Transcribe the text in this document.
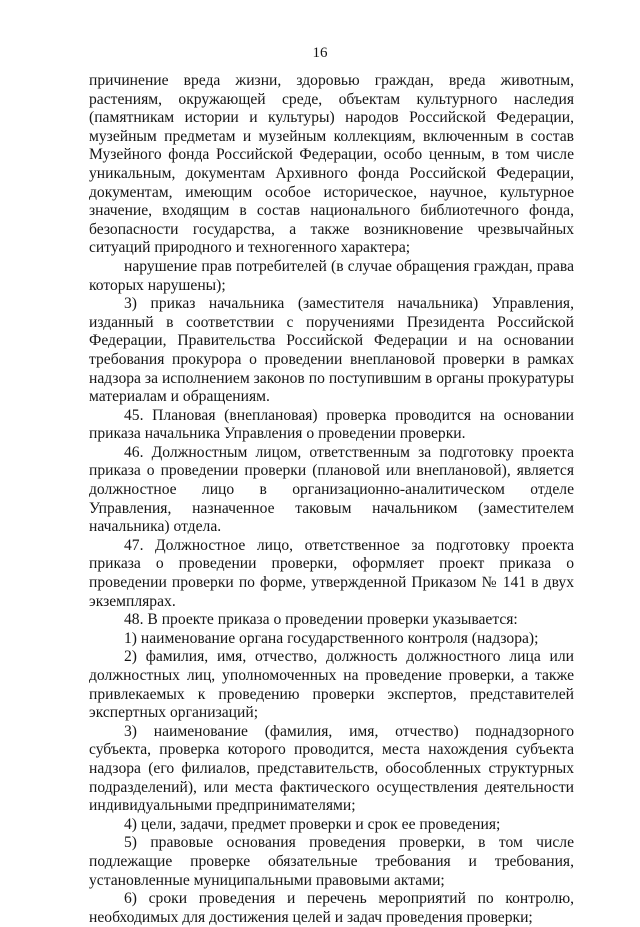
16

причинение вреда жизни, здоровью граждан, вреда животным, растениям, окружающей среде, объектам культурного наследия (памятникам истории и культуры) народов Российской Федерации, музейным предметам и музейным коллекциям, включенным в состав Музейного фонда Российской Федерации, особо ценным, в том числе уникальным, документам Архивного фонда Российской Федерации, документам, имеющим особое историческое, научное, культурное значение, входящим в состав национального библиотечного фонда, безопасности государства, а также возникновение чрезвычайных ситуаций природного и техногенного характера;

нарушение прав потребителей (в случае обращения граждан, права которых нарушены);

3) приказ начальника (заместителя начальника) Управления, изданный в соответствии с поручениями Президента Российской Федерации, Правительства Российской Федерации и на основании требования прокурора о проведении внеплановой проверки в рамках надзора за исполнением законов по поступившим в органы прокуратуры материалам и обращениям.

45. Плановая (внеплановая) проверка проводится на основании приказа начальника Управления о проведении проверки.

46. Должностным лицом, ответственным за подготовку проекта приказа о проведении проверки (плановой или внеплановой), является должностное лицо в организационно-аналитическом отделе Управления, назначенное таковым начальником (заместителем начальника) отдела.

47. Должностное лицо, ответственное за подготовку проекта приказа о проведении проверки, оформляет проект приказа о проведении проверки по форме, утвержденной Приказом № 141 в двух экземплярах.

48. В проекте приказа о проведении проверки указывается:

1) наименование органа государственного контроля (надзора);

2) фамилия, имя, отчество, должность должностного лица или должностных лиц, уполномоченных на проведение проверки, а также привлекаемых к проведению проверки экспертов, представителей экспертных организаций;

3) наименование (фамилия, имя, отчество) поднадзорного субъекта, проверка которого проводится, места нахождения субъекта надзора (его филиалов, представительств, обособленных структурных подразделений), или места фактического осуществления деятельности индивидуальными предпринимателями;

4) цели, задачи, предмет проверки и срок ее проведения;

5) правовые основания проведения проверки, в том числе подлежащие проверке обязательные требования и требования, установленные муниципальными правовыми актами;

6) сроки проведения и перечень мероприятий по контролю, необходимых для достижения целей и задач проведения проверки;
